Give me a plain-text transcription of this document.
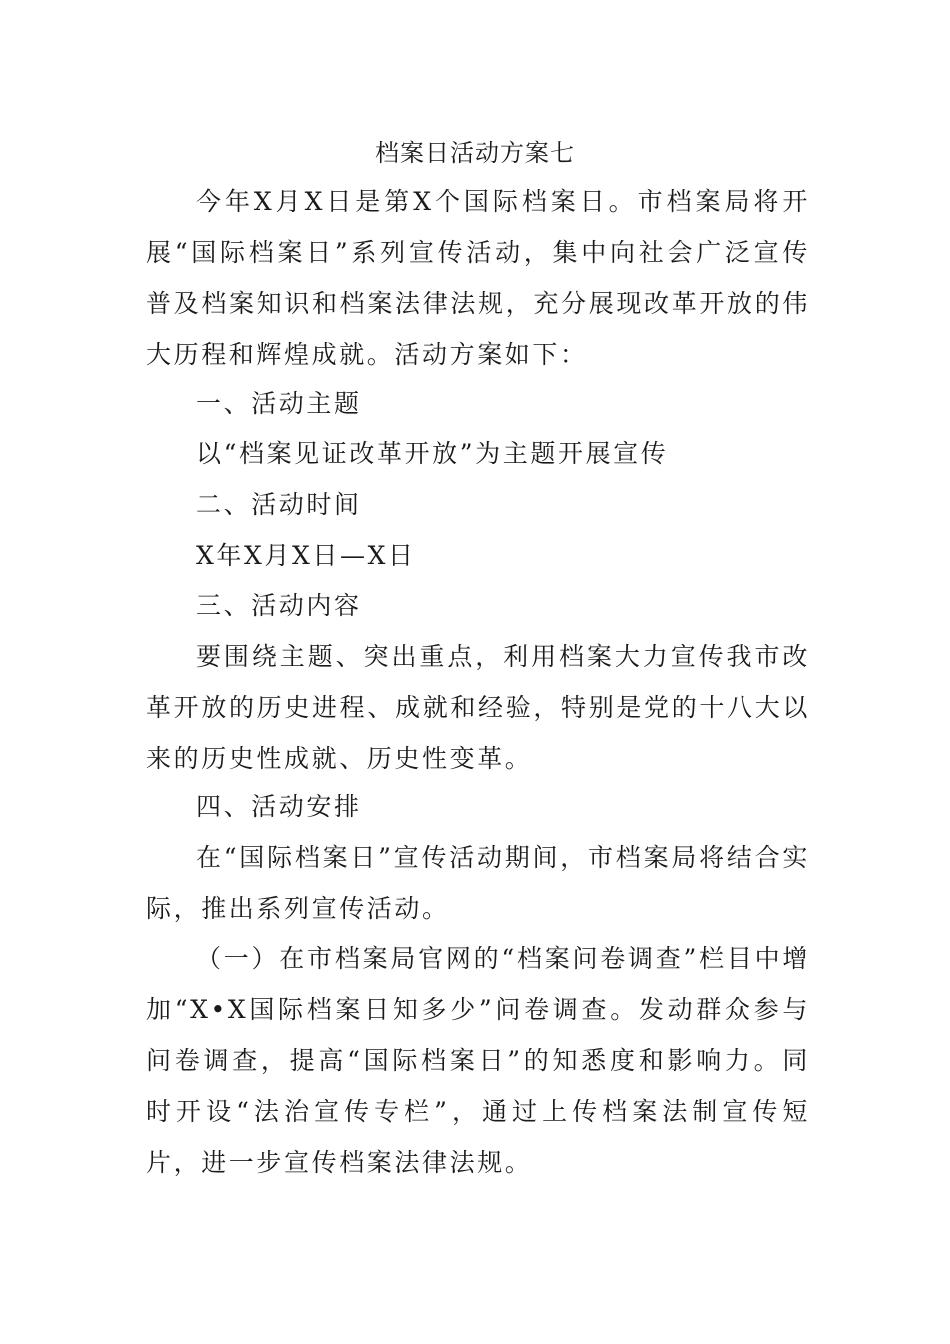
档案日活动方案七

今年X月X日是第X个国际档案日。市档案局将开展“国际档案日”系列宣传活动，集中向社会广泛宣传普及档案知识和档案法律法规，充分展现改革开放的伟大历程和辉煌成就。活动方案如下：

一、活动主题

以“档案见证改革开放”为主题开展宣传

二、活动时间

X年X月X日—X日

三、活动内容

要围绕主题、突出重点，利用档案大力宣传我市改革开放的历史进程、成就和经验，特别是党的十八大以来的历史性成就、历史性变革。

四、活动安排

在“国际档案日”宣传活动期间，市档案局将结合实际，推出系列宣传活动。

（一）在市档案局官网的“档案问卷调查”栏目中增加“X•X国际档案日知多少”问卷调查。发动群众参与问卷调查，提高“国际档案日”的知悉度和影响力。同时开设“法治宣传专栏”，通过上传档案法制宣传短片，进一步宣传档案法律法规。
